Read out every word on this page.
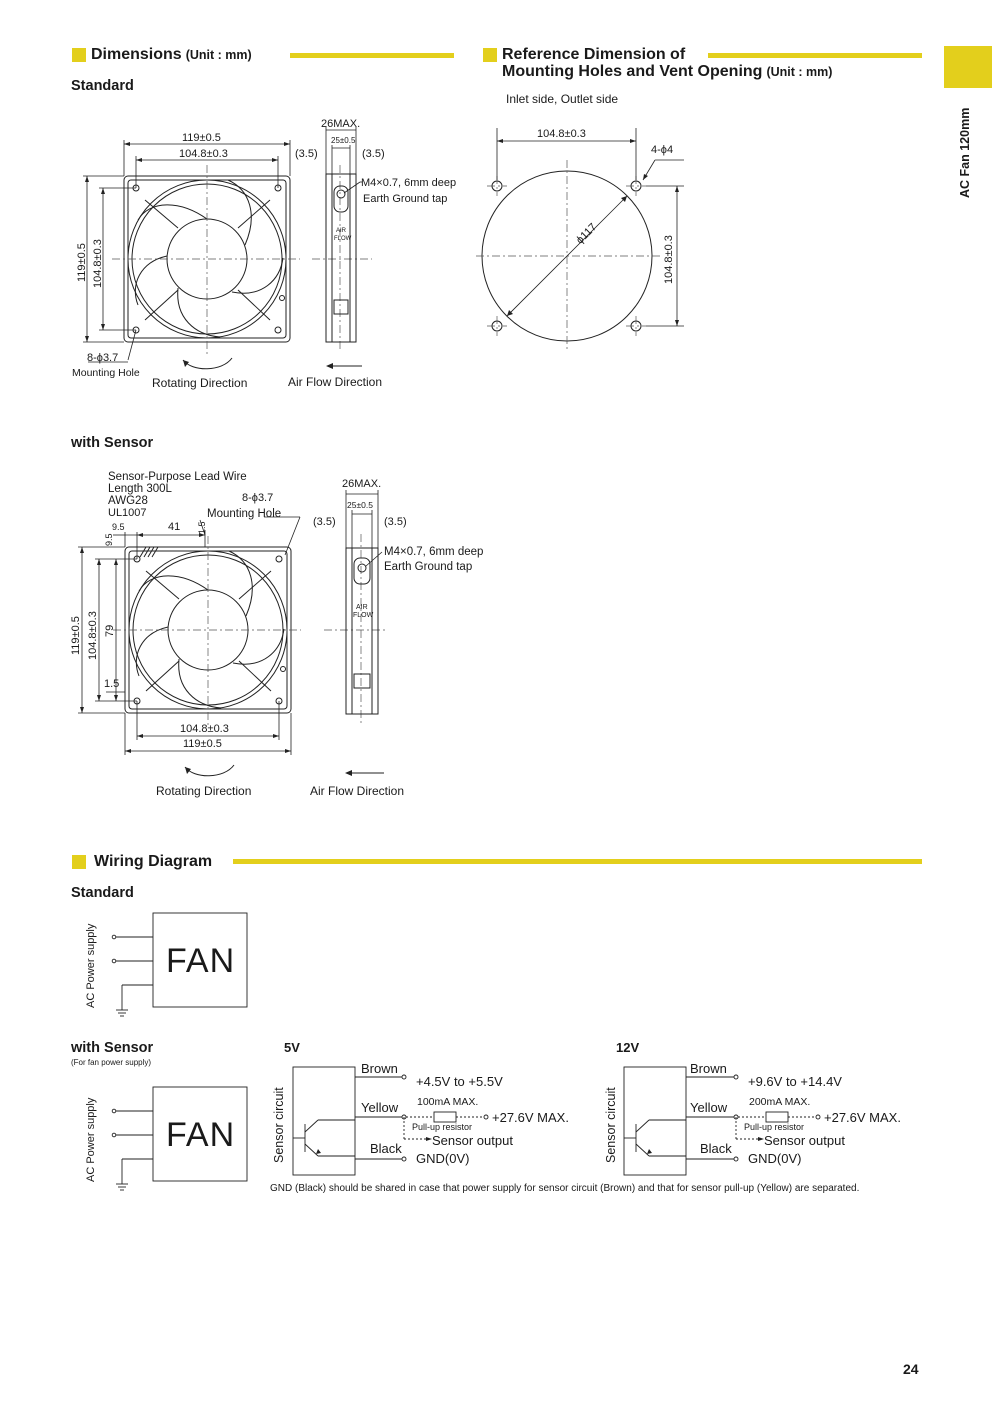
AC Fan 120mm
Dimensions (Unit : mm)
Standard
Reference Dimension of
Mounting Holes and Vent Opening (Unit : mm)
Inlet side, Outlet side
119±0.5
104.8±0.3
119±0.5 104.8±0.3
26MAX.
25±0.5
(3.5)	(3.5)
M4×0.7, 6mm deep
Earth Ground tap
AIR
FLOW
8-ϕ3.7
Mounting Hole
Rotating Direction	Air Flow Direction
104.8±0.3
104.8±0.3
4-ϕ4
ϕ117
with Sensor
Sensor-Purpose Lead Wire
Length 300L
AWG28
UL1007
8-ϕ3.7
Mounting Hole
9.5
9.5
41 1.5
119±0.5 104.8±0.3 79
1.5
104.8±0.3
119±0.5
26MAX.
25±0.5
(3.5)	(3.5)
M4×0.7, 6mm deep
Earth Ground tap
AIR
FLOW
Rotating Direction	Air Flow Direction
Wiring Diagram
Standard
FAN
AC Power supply
with Sensor
(For fan power supply)
FAN
AC Power supply
5V
Sensor circuit
Brown
Yellow
Black
+4.5V to +5.5V
100mA MAX.
Pull-up resistor
+27.6V MAX.
Sensor output
GND(0V)
12V
Sensor circuit
Brown
Yellow
Black
+9.6V to +14.4V
200mA MAX.
Pull-up resistor
+27.6V MAX.
Sensor output
GND(0V)
GND (Black) should be shared in case that power supply for sensor circuit (Brown) and that for sensor pull-up (Yellow) are separated.
24
